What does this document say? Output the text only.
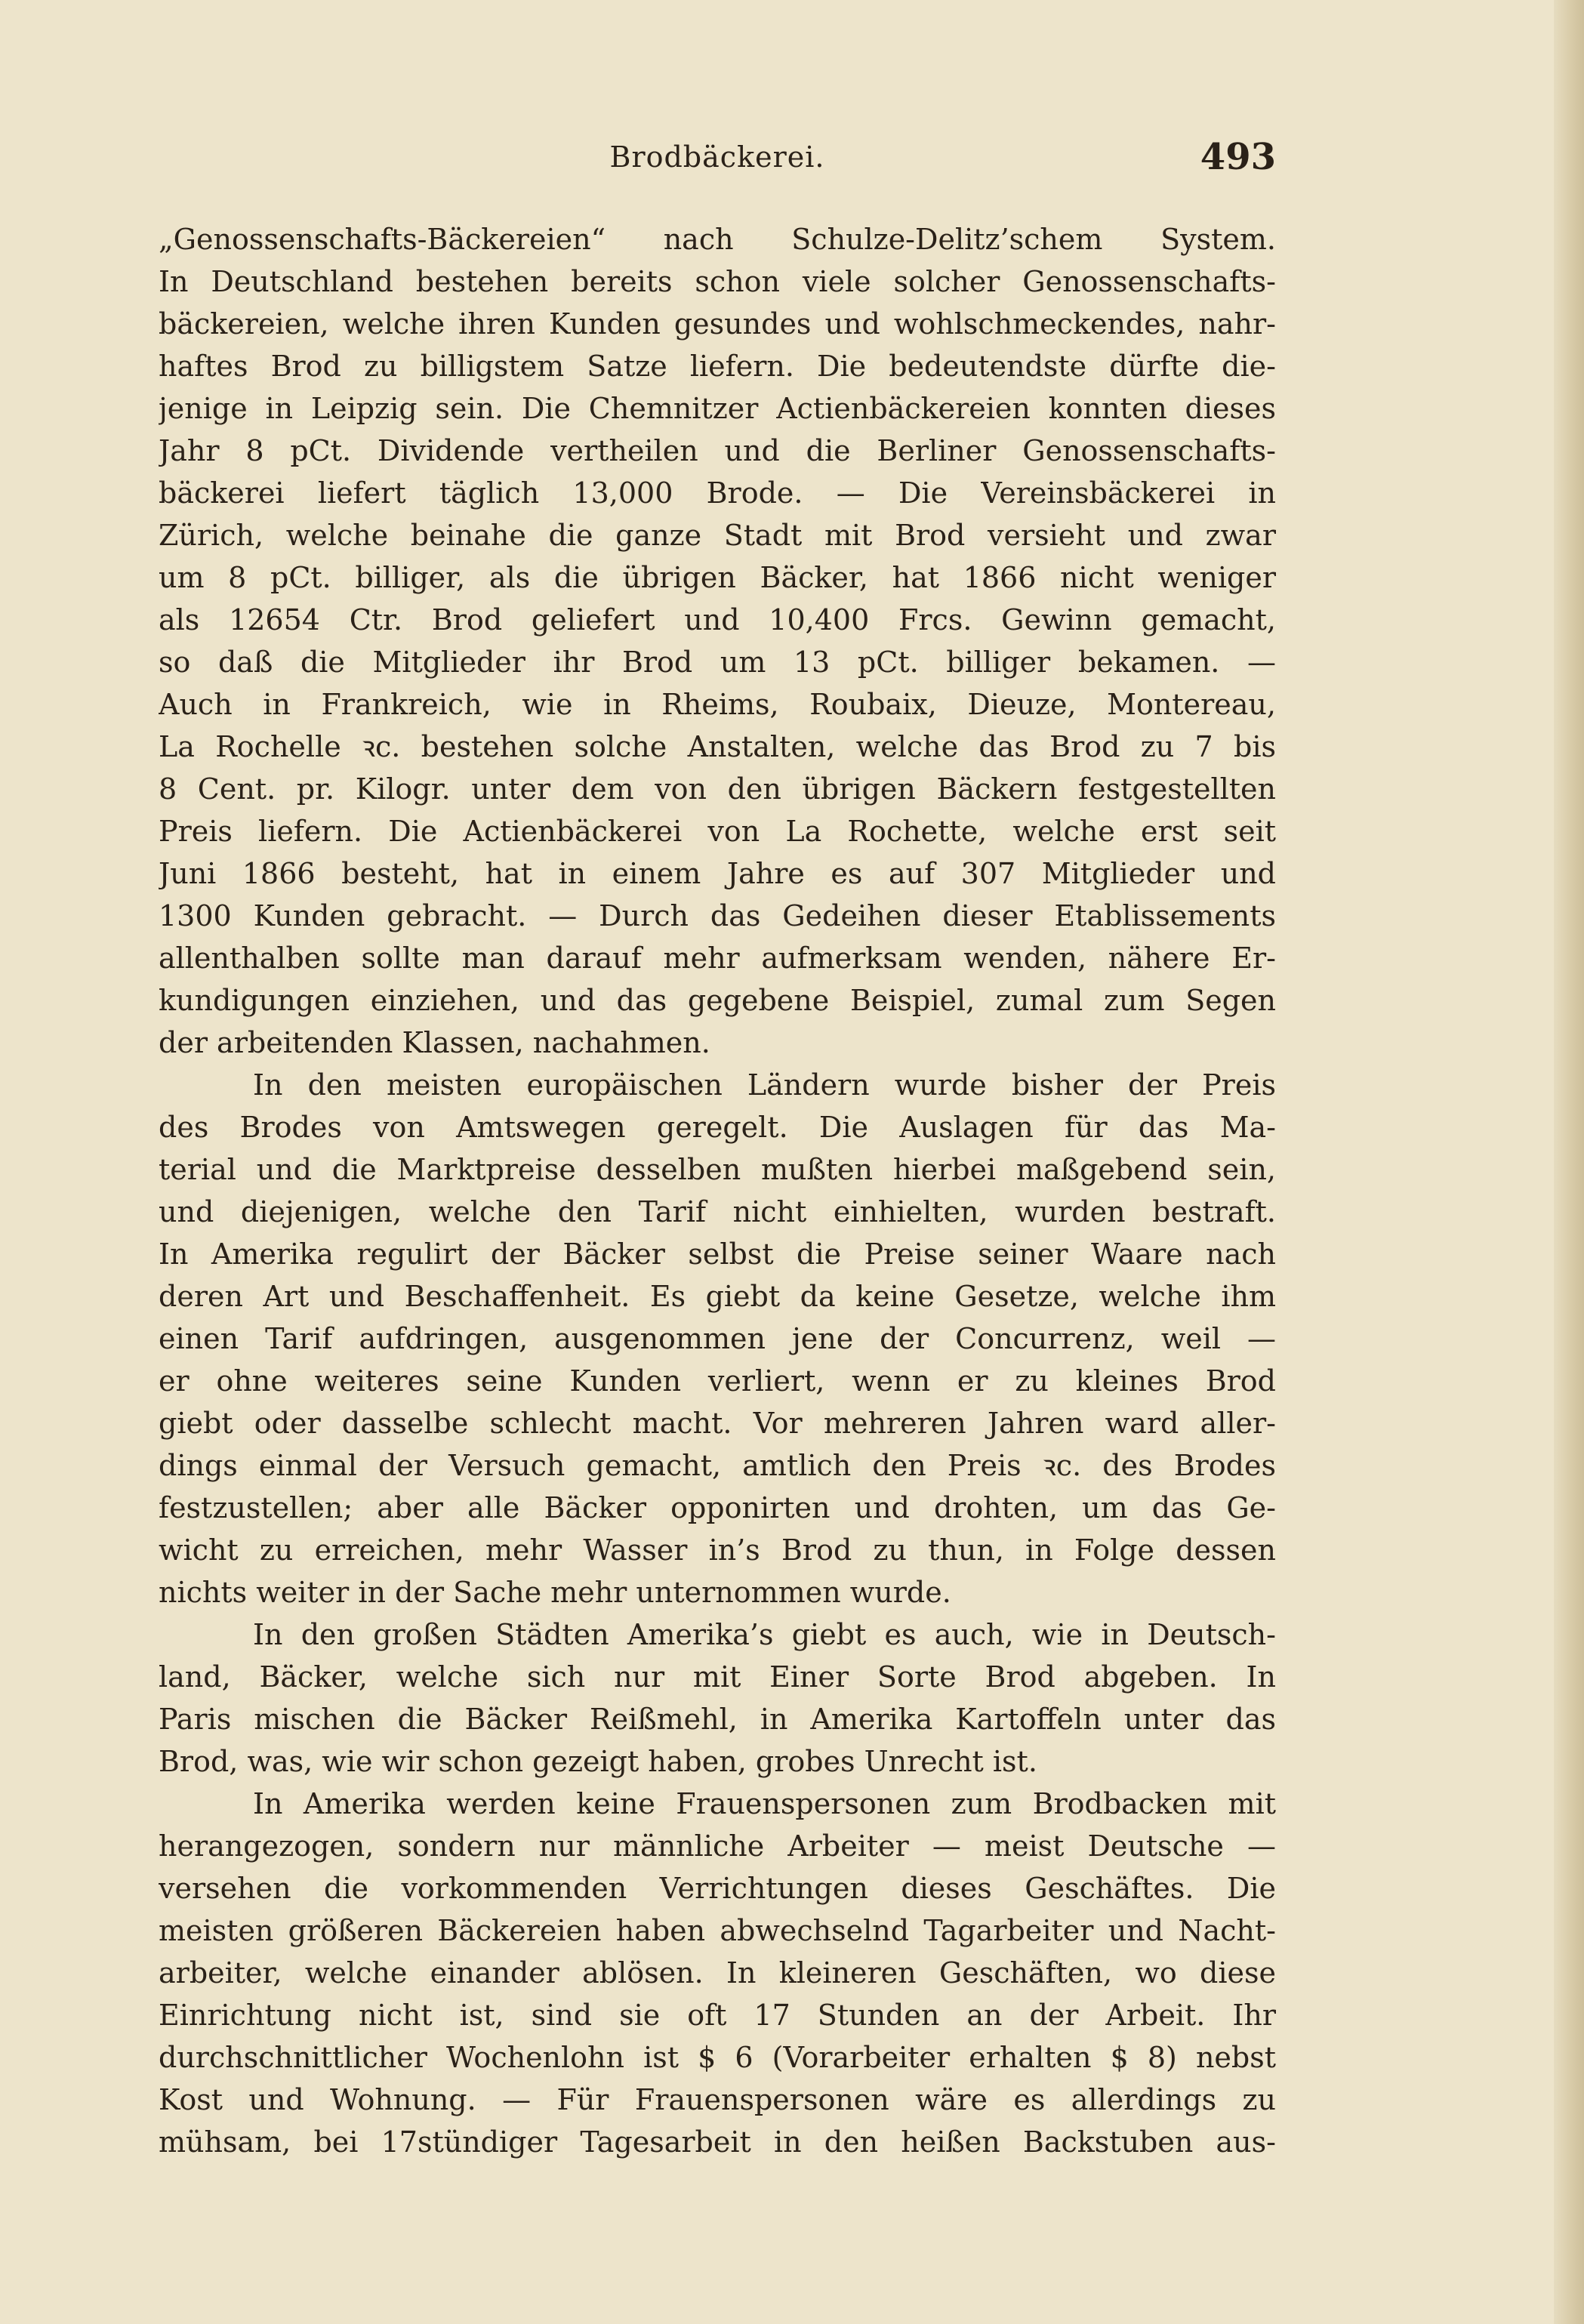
Brodbäckerei.	493
„Genossenschafts-Bäckereien“ nach Schulze-Delitz’schem System.
In Deutschland bestehen bereits schon viele solcher Genossenschafts-
bäckereien, welche ihren Kunden gesundes und wohlschmeckendes, nahr-
haftes Brod zu billigstem Satze liefern. Die bedeutendste dürfte die-
jenige in Leipzig sein. Die Chemnitzer Actienbäckereien konnten dieses
Jahr 8 pCt. Dividende vertheilen und die Berliner Genossenschafts-
bäckerei liefert täglich 13,000 Brode. — Die Vereinsbäckerei in
Zürich, welche beinahe die ganze Stadt mit Brod versieht und zwar
um 8 pCt. billiger, als die übrigen Bäcker, hat 1866 nicht weniger
als 12654 Ctr. Brod geliefert und 10,400 Frcs. Gewinn gemacht,
so daß die Mitglieder ihr Brod um 13 pCt. billiger bekamen. —
Auch in Frankreich, wie in Rheims, Roubaix, Dieuze, Montereau,
La Rochelle ꝛc. bestehen solche Anstalten, welche das Brod zu 7 bis
8 Cent. pr. Kilogr. unter dem von den übrigen Bäckern festgestellten
Preis liefern. Die Actienbäckerei von La Rochette, welche erst seit
Juni 1866 besteht, hat in einem Jahre es auf 307 Mitglieder und
1300 Kunden gebracht. — Durch das Gedeihen dieser Etablissements
allenthalben sollte man darauf mehr aufmerksam wenden, nähere Er-
kundigungen einziehen, und das gegebene Beispiel, zumal zum Segen
der arbeitenden Klassen, nachahmen.
In den meisten europäischen Ländern wurde bisher der Preis
des Brodes von Amtswegen geregelt. Die Auslagen für das Ma-
terial und die Marktpreise desselben mußten hierbei maßgebend sein,
und diejenigen, welche den Tarif nicht einhielten, wurden bestraft.
In Amerika regulirt der Bäcker selbst die Preise seiner Waare nach
deren Art und Beschaffenheit. Es giebt da keine Gesetze, welche ihm
einen Tarif aufdringen, ausgenommen jene der Concurrenz, weil —
er ohne weiteres seine Kunden verliert, wenn er zu kleines Brod
giebt oder dasselbe schlecht macht. Vor mehreren Jahren ward aller-
dings einmal der Versuch gemacht, amtlich den Preis ꝛc. des Brodes
festzustellen; aber alle Bäcker opponirten und drohten, um das Ge-
wicht zu erreichen, mehr Wasser in’s Brod zu thun, in Folge dessen
nichts weiter in der Sache mehr unternommen wurde.
In den großen Städten Amerika’s giebt es auch, wie in Deutsch-
land, Bäcker, welche sich nur mit Einer Sorte Brod abgeben. In
Paris mischen die Bäcker Reißmehl, in Amerika Kartoffeln unter das
Brod, was, wie wir schon gezeigt haben, grobes Unrecht ist.
In Amerika werden keine Frauenspersonen zum Brodbacken mit
herangezogen, sondern nur männliche Arbeiter — meist Deutsche —
versehen die vorkommenden Verrichtungen dieses Geschäftes. Die
meisten größeren Bäckereien haben abwechselnd Tagarbeiter und Nacht-
arbeiter, welche einander ablösen. In kleineren Geschäften, wo diese
Einrichtung nicht ist, sind sie oft 17 Stunden an der Arbeit. Ihr
durchschnittlicher Wochenlohn ist $ 6 (Vorarbeiter erhalten $ 8) nebst
Kost und Wohnung. — Für Frauenspersonen wäre es allerdings zu
mühsam, bei 17stündiger Tagesarbeit in den heißen Backstuben aus-
